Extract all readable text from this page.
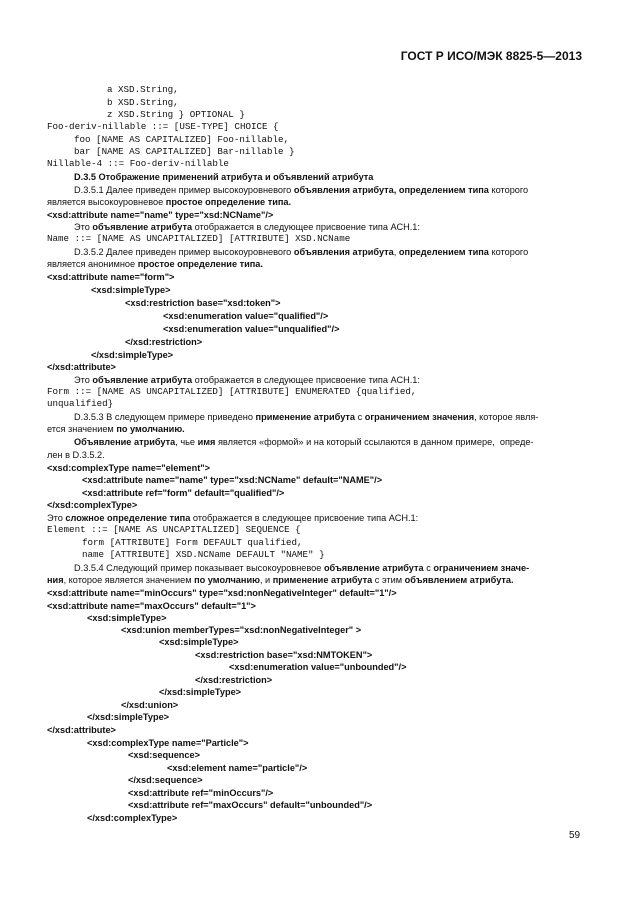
ГОСТ Р ИСО/МЭК 8825-5—2013
a XSD.String,
b XSD.String,
z XSD.String } OPTIONAL }
Foo-deriv-nillable ::= [USE-TYPE] CHOICE {
foo [NAME AS CAPITALIZED] Foo-nillable,
bar [NAME AS CAPITALIZED] Bar-nillable }
Nillable-4 ::= Foo-deriv-nillable
D.3.5 Отображение применений атрибута и объявлений атрибута
D.3.5.1 Далее приведен пример высокоуровневого объявления атрибута, определением типа которого
является высокоуровневое простое определение типа.
<xsd:attribute name="name" type="xsd:NCName"/>
Это объявление атрибута отображается в следующее присвоение типа АСН.1:
Name ::= [NAME AS UNCAPITALIZED] [ATTRIBUTE] XSD.NCName
D.3.5.2 Далее приведен пример высокоуровневого объявления атрибута, определением типа которого
является анонимное простое определение типа.
<xsd:attribute name="form">
<xsd:simpleType>
<xsd:restriction base="xsd:token">
<xsd:enumeration value="qualified"/>
<xsd:enumeration value="unqualified"/>
</xsd:restriction>
</xsd:simpleType>
</xsd:attribute>
Это объявление атрибута отображается в следующее присвоение типа АСН.1:
Form ::= [NAME AS UNCAPITALIZED] [ATTRIBUTE] ENUMERATED {qualified,
unqualified}
D.3.5.3 В следующем примере приведено применение атрибута с ограничением значения, которое явля-
ется значением по умолчанию.
Объявление атрибута, чье имя является «формой» и на который ссылаются в данном примере,  опреде-
лен в D.3.5.2.
<xsd:complexType name="element">
<xsd:attribute name="name" type="xsd:NCName" default="NAME"/>
<xsd:attribute ref="form" default="qualified"/>
</xsd:complexType>
Это сложное определение типа отображается в следующее присвоение типа АСН.1:
Element ::= [NAME AS UNCAPITALIZED] SEQUENCE {
form [ATTRIBUTE] Form DEFAULT qualified,
name [ATTRIBUTE] XSD.NCName DEFAULT "NAME" }
D.3.5.4 Следующий пример показывает высокоуровневое объявление атрибута с ограничением значе-
ния, которое является значением по умолчанию, и применение атрибута с этим объявлением атрибута.
<xsd:attribute name="minOccurs" type="xsd:nonNegativeInteger" default="1"/>
<xsd:attribute name="maxOccurs" default="1">
<xsd:simpleType>
<xsd:union memberTypes="xsd:nonNegativeInteger" >
<xsd:simpleType>
<xsd:restriction base="xsd:NMTOKEN">
<xsd:enumeration value="unbounded"/>
</xsd:restriction>
</xsd:simpleType>
</xsd:union>
</xsd:simpleType>
</xsd:attribute>
<xsd:complexType name="Particle">
<xsd:sequence>
<xsd:element name="particle"/>
</xsd:sequence>
<xsd:attribute ref="minOccurs"/>
<xsd:attribute ref="maxOccurs" default="unbounded"/>
</xsd:complexType>
59
